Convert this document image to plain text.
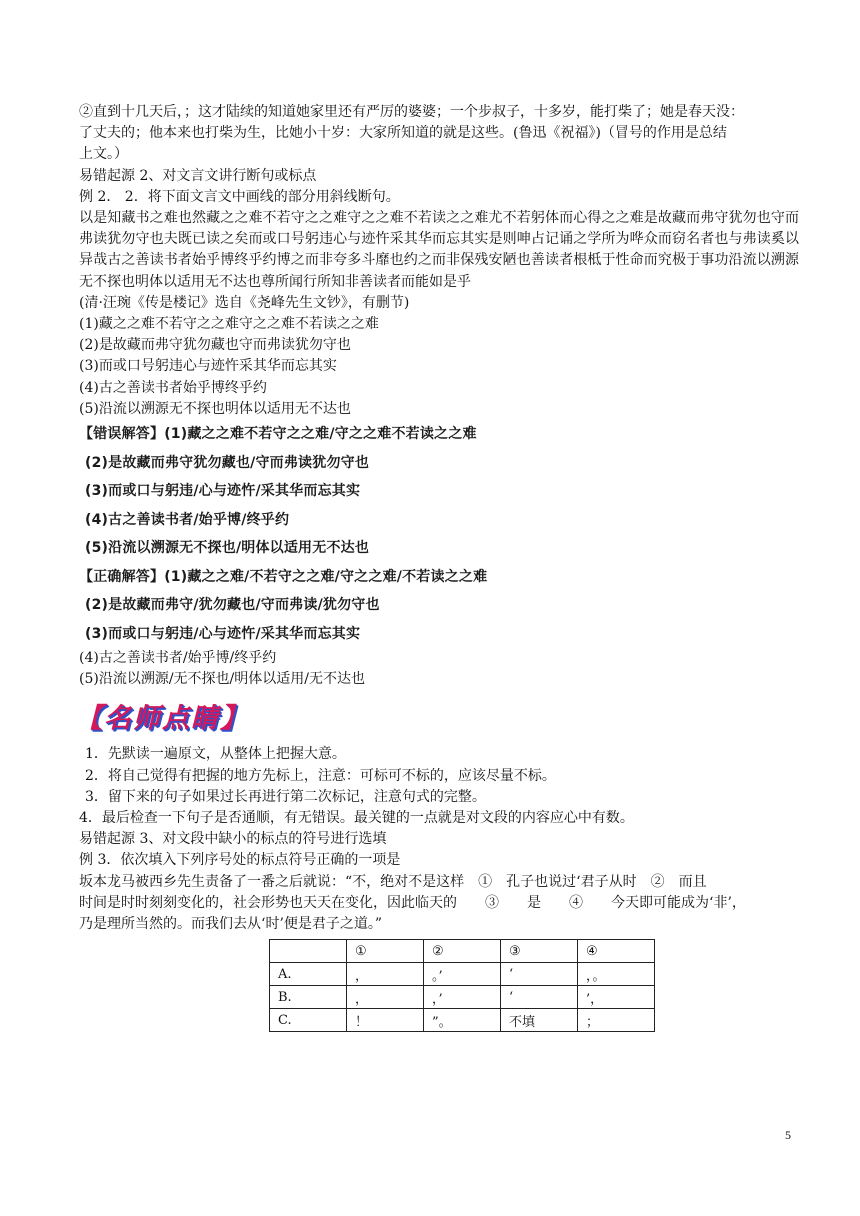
②直到十几天后，；这才陆续的知道她家里还有严厉的婆婆；一个步叔子，十多岁，能打柴了；她是春天没：

了丈夫的；他本来也打柴为生，比她小十岁：大家所知道的就是这些。(鲁迅《祝福》)（冒号的作用是总结

上文。）

易错起源 2、对文言文讲行断句或标点

例 2． 2．将下面文言文中画线的部分用斜线断句。

以是知藏书之难也然藏之之难不若守之之难守之之难不若读之之难尤不若躬体而心得之之难是故藏而弗守犹勿也守而弗读犹勿守也夫既已读之矣而或口号躬违心与迹忤采其华而忘其实是则呻占记诵之学所为哗众而窃名者也与弗读奚以异哉古之善读书者始乎博终乎约博之而非夸多斗靡也约之而非保残安陋也善读者根柢于性命而究极于事功沿流以溯源无不探也明体以适用无不达也尊所闻行所知非善读者而能如是乎

(清·汪琬《传是楼记》选自《尧峰先生文钞》，有删节)

(1)藏之之难不若守之之难守之之难不若读之之难

(2)是故藏而弗守犹勿藏也守而弗读犹勿守也

(3)而或口号躬违心与迹忤采其华而忘其实

(4)古之善读书者始乎博终乎约

(5)沿流以溯源无不探也明体以适用无不达也

【错误解答】(1)藏之之难不若守之之难/守之之难不若读之之难
(2)是故藏而弗守犹勿藏也/守而弗读犹勿守也
(3)而或口与躬违/心与迹忤/采其华而忘其实
(4)古之善读书者/始乎博/终乎约
(5)沿流以溯源无不探也/明体以适用无不达也
【正确解答】(1)藏之之难/不若守之之难/守之之难/不若读之之难
(2)是故藏而弗守/犹勿藏也/守而弗读/犹勿守也
(3)而或口与躬违/心与迹忤/采其华而忘其实

(4)古之善读书者/始乎博/终乎约

(5)沿流以溯源/无不探也/明体以适用/无不达也

【名师点睛】

1．先默读一遍原文，从整体上把握大意。

2．将自己觉得有把握的地方先标上，注意：可标可不标的，应该尽量不标。

3．留下来的句子如果过长再进行第二次标记，注意句式的完整。

4．最后检查一下句子是否通顺，有无错误。最关键的一点就是对文段的内容应心中有数。

易错起源 3、对文段中缺小的标点的符号进行选填

例 3．依次填入下列序号处的标点符号正确的一项是

坂本龙马被西乡先生责备了一番之后就说：“不，绝对不是这样　①　孔子也说过‘君子从时　②　而且

时间是时时刻刻变化的，社会形势也天天在变化，因此临天的　　③　　是　　④　　今天即可能成为‘非’，

乃是理所当然的。而我们去从‘时’便是君子之道。”

	①	②	③	④
A.	，	。’	‘	，。
B.	，	，’	‘	’，
C.	！	”。	不填	；
5
